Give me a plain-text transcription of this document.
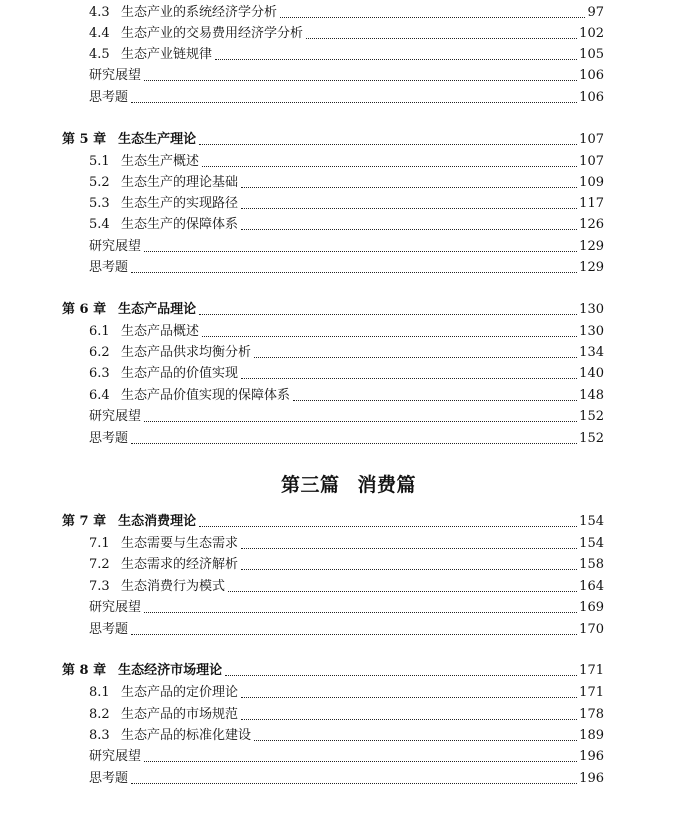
4.3 生态产业的系统经济学分析	97
4.4 生态产业的交易费用经济学分析	102
4.5 生态产业链规律	105
研究展望	106
思考题	106
第 5 章 生态生产理论	107
5.1 生态生产概述	107
5.2 生态生产的理论基础	109
5.3 生态生产的实现路径	117
5.4 生态生产的保障体系	126
研究展望	129
思考题	129
第 6 章 生态产品理论	130
6.1 生态产品概述	130
6.2 生态产品供求均衡分析	134
6.3 生态产品的价值实现	140
6.4 生态产品价值实现的保障体系	148
研究展望	152
思考题	152
第三篇 消费篇
第 7 章 生态消费理论	154
7.1 生态需要与生态需求	154
7.2 生态需求的经济解析	158
7.3 生态消费行为模式	164
研究展望	169
思考题	170
第 8 章 生态经济市场理论	171
8.1 生态产品的定价理论	171
8.2 生态产品的市场规范	178
8.3 生态产品的标准化建设	189
研究展望	196
思考题	196
